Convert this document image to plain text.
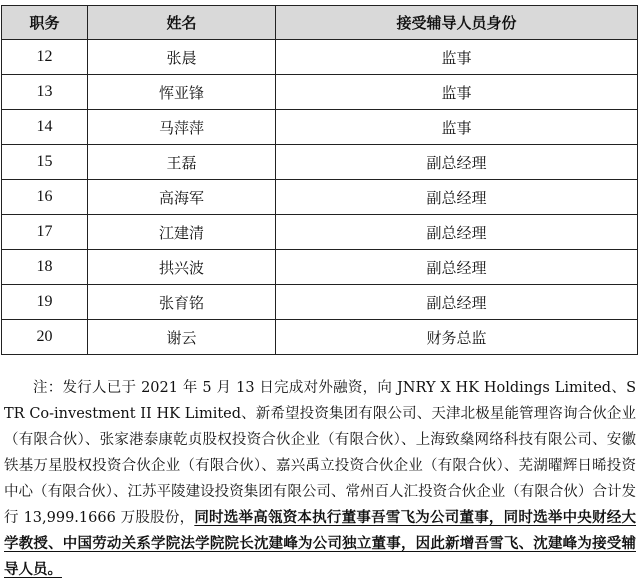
职务	姓名	接受辅导人员身份
12	张晨	监事
13	恽亚锋	监事
14	马萍萍	监事
15	王磊	副总经理
16	高海军	副总经理
17	江建清	副总经理
18	拱兴波	副总经理
19	张育铭	副总经理
20	谢云	财务总监

注：发行人已于 2021 年 5 月 13 日完成对外融资，向 JNRY X HK Holdings Limited、STR Co-investment II HK Limited、新希望投资集团有限公司、天津北极星能管理咨询合伙企业（有限合伙）、张家港泰康乾贞股权投资合伙企业（有限合伙）、上海致燊网络科技有限公司、安徽铁基万星股权投资合伙企业（有限合伙）、嘉兴禹立投资合伙企业（有限合伙）、芜湖曜辉日晞投资中心（有限合伙）、江苏平陵建设投资集团有限公司、常州百人汇投资合伙企业（有限合伙）合计发行 13,999.1666 万股股份，同时选举高瓴资本执行董事吾雪飞为公司董事，同时选举中央财经大学教授、中国劳动关系学院法学院院长沈建峰为公司独立董事，因此新增吾雪飞、沈建峰为接受辅导人员。
